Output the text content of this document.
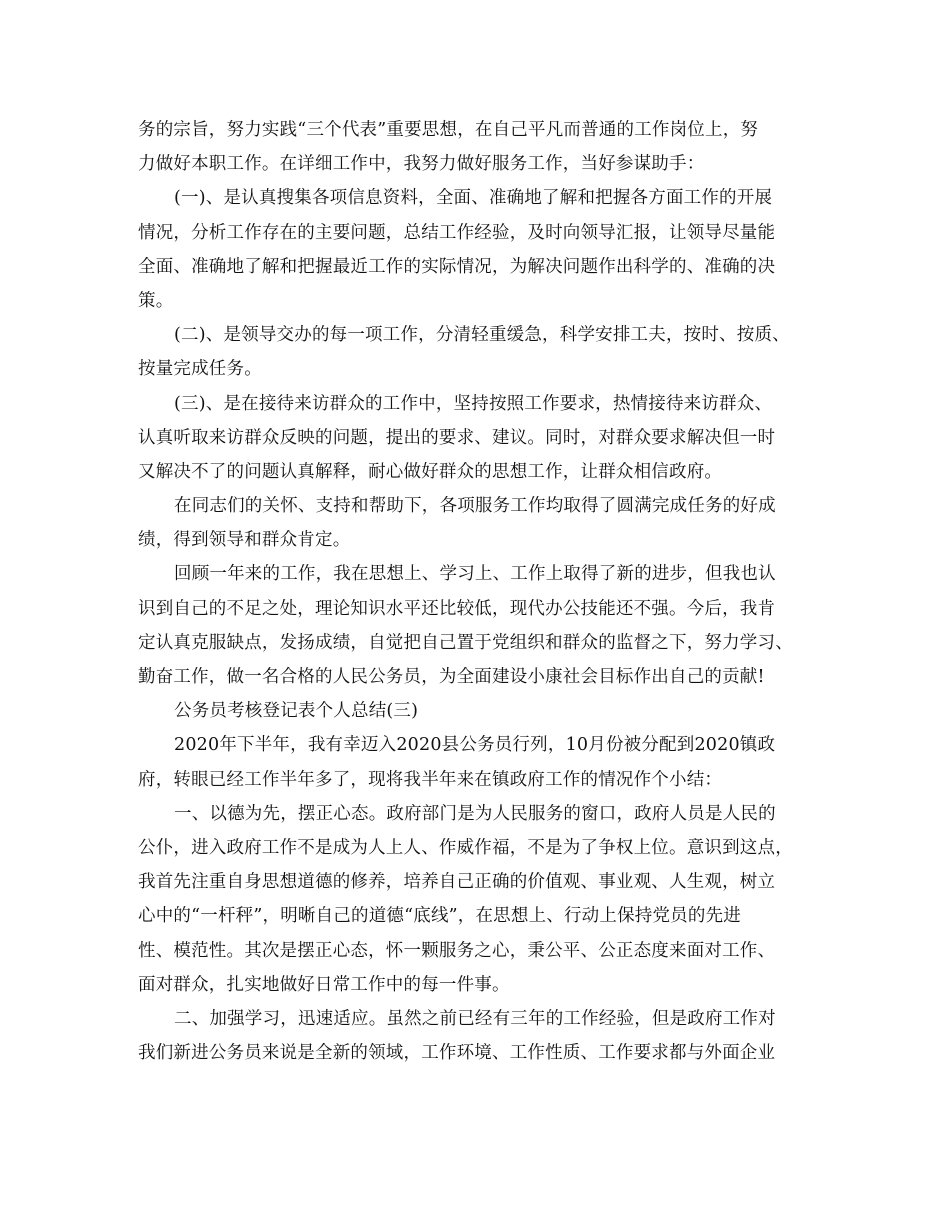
务的宗旨，努力实践“三个代表”重要思想，在自己平凡而普通的工作岗位上，努
力做好本职工作。在详细工作中，我努力做好服务工作，当好参谋助手：
(一)、是认真搜集各项信息资料，全面、准确地了解和把握各方面工作的开展
情况，分析工作存在的主要问题，总结工作经验，及时向领导汇报，让领导尽量能
全面、准确地了解和把握最近工作的实际情况，为解决问题作出科学的、准确的决
策。
(二)、是领导交办的每一项工作，分清轻重缓急，科学安排工夫，按时、按质、
按量完成任务。
(三)、是在接待来访群众的工作中，坚持按照工作要求，热情接待来访群众、
认真听取来访群众反映的问题，提出的要求、建议。同时，对群众要求解决但一时
又解决不了的问题认真解释，耐心做好群众的思想工作，让群众相信政府。
在同志们的关怀、支持和帮助下，各项服务工作均取得了圆满完成任务的好成
绩，得到领导和群众肯定。
回顾一年来的工作，我在思想上、学习上、工作上取得了新的进步，但我也认
识到自己的不足之处，理论知识水平还比较低，现代办公技能还不强。今后，我肯
定认真克服缺点，发扬成绩，自觉把自己置于党组织和群众的监督之下，努力学习、
勤奋工作，做一名合格的人民公务员，为全面建设小康社会目标作出自己的贡献!
公务员考核登记表个人总结(三)
2020年下半年，我有幸迈入2020县公务员行列，10月份被分配到2020镇政
府，转眼已经工作半年多了，现将我半年来在镇政府工作的情况作个小结：
一、以德为先，摆正心态。政府部门是为人民服务的窗口，政府人员是人民的
公仆，进入政府工作不是成为人上人、作威作福，不是为了争权上位。意识到这点，
我首先注重自身思想道德的修养，培养自己正确的价值观、事业观、人生观，树立
心中的“一杆秤”，明晰自己的道德“底线”，在思想上、行动上保持党员的先进
性、模范性。其次是摆正心态，怀一颗服务之心，秉公平、公正态度来面对工作、
面对群众，扎实地做好日常工作中的每一件事。
二、加强学习，迅速适应。虽然之前已经有三年的工作经验，但是政府工作对
我们新进公务员来说是全新的领域，工作环境、工作性质、工作要求都与外面企业
